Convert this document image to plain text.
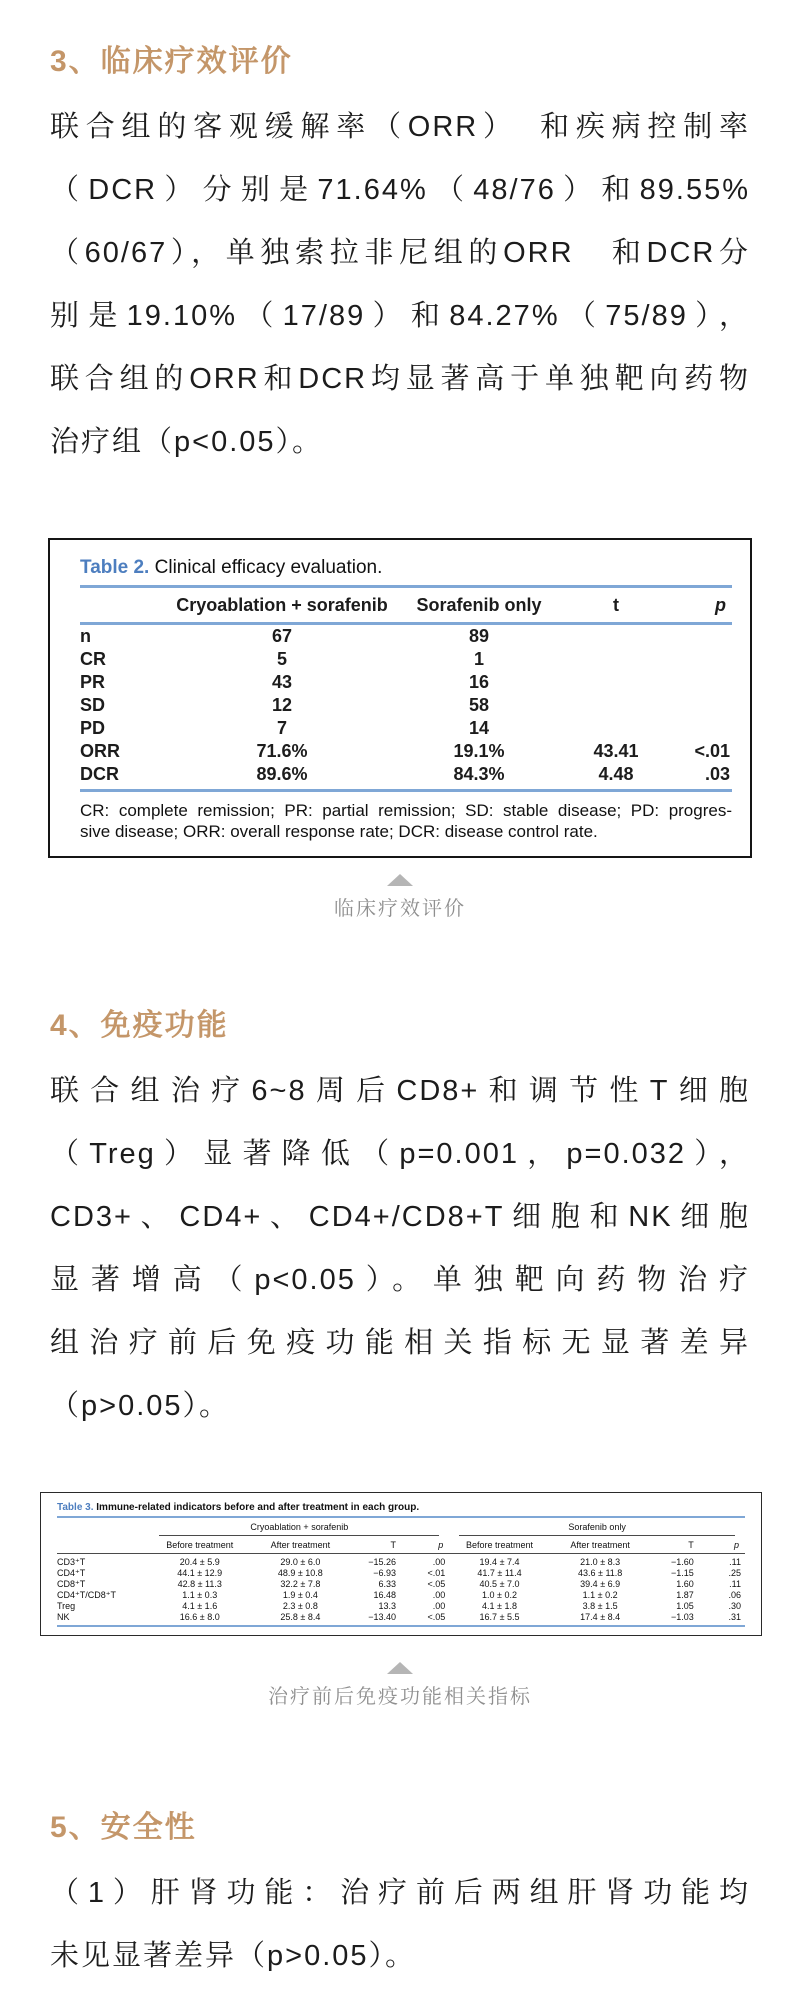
3、临床疗效评价
联合组的客观缓解率（ORR）　和疾病控制率
（DCR）分别是71.64%（48/76）和89.55%
（60/67），单独索拉非尼组的ORR　和DCR分
别是19.10%（17/89）和84.27%（75/89），
联合组的ORR和DCR均显著高于单独靶向药物
治疗组（p<0.05）。
Table 2. Clinical efficacy evaluation.
	Cryoablation + sorafenib	Sorafenib only	t	p
n	67	89		
CR	5	1		
PR	43	16		
SD	12	58		
PD	7	14		
ORR	71.6%	19.1%	43.41	<.01
DCR	89.6%	84.3%	4.48	.03
CR: complete remission; PR: partial remission; SD: stable disease; PD: progres-
sive disease; ORR: overall response rate; DCR: disease control rate.
临床疗效评价
4、免疫功能
联合组治疗6~8周后CD8+和调节性T细胞
（Treg）显著降低（p=0.001，p=0.032），
CD3+、CD4+、CD4+/CD8+T细胞和NK细胞
显著增高（p<0.05）。单独靶向药物治疗
组治疗前后免疫功能相关指标无显著差异
（p>0.05）。
Table 3. Immune-related indicators before and after treatment in each group.

	Cryoablation + sorafenib				Sorafenib only			

	Before treatment	After treatment	T	p	Before treatment	After treatment	T	p
CD3⁺T	20.4 ± 5.9	29.0 ± 6.0	−15.26	.00	19.4 ± 7.4	21.0 ± 8.3	−1.60	.11
CD4⁺T	44.1 ± 12.9	48.9 ± 10.8	−6.93	<.01	41.7 ± 11.4	43.6 ± 11.8	−1.15	.25
CD8⁺T	42.8 ± 11.3	32.2 ± 7.8	6.33	<.05	40.5 ± 7.0	39.4 ± 6.9	1.60	.11
CD4⁺T/CD8⁺T	1.1 ± 0.3	1.9 ± 0.4	16.48	.00	1.0 ± 0.2	1.1 ± 0.2	1.87	.06
Treg	4.1 ± 1.6	2.3 ± 0.8	13.3	.00	4.1 ± 1.8	3.8 ± 1.5	1.05	.30
NK	16.6 ± 8.0	25.8 ± 8.4	−13.40	<.05	16.7 ± 5.5	17.4 ± 8.4	−1.03	.31
治疗前后免疫功能相关指标
5、安全性
（1）肝肾功能：治疗前后两组肝肾功能均
未见显著差异（p>0.05）。
